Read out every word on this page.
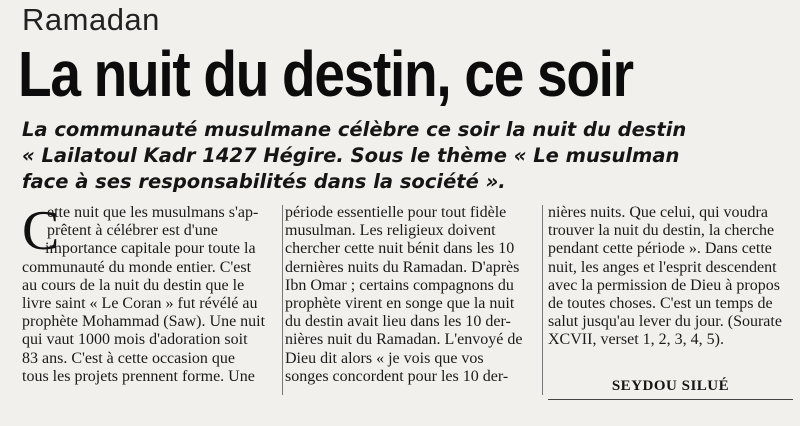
Ramadan
La nuit du destin, ce soir
La communauté musulmane célèbre ce soir la nuit du destin
« Lailatoul Kadr 1427 Hégire. Sous le thème « Le musulman
face à ses responsabilités dans la société ».
C
ette nuit que les musulmans s'ap-
prêtent à célébrer est d'une
importance capitale pour toute la
communauté du monde entier. C'est
au cours de la nuit du destin que le
livre saint « Le Coran » fut révélé au
prophète Mohammad (Saw). Une nuit
qui vaut 1000 mois d'adoration soit
83 ans. C'est à cette occasion que
tous les projets prennent forme. Une
période essentielle pour tout fidèle
musulman. Les religieux doivent
chercher cette nuit bénit dans les 10
dernières nuits du Ramadan. D'après
Ibn Omar ; certains compagnons du
prophète virent en songe que la nuit
du destin avait lieu dans les 10 der-
nières nuit du Ramadan. L'envoyé de
Dieu dit alors « je vois que vos
songes concordent pour les 10 der-
nières nuits. Que celui, qui voudra
trouver la nuit du destin, la cherche
pendant cette période ». Dans cette
nuit, les anges et l'esprit descendent
avec la permission de Dieu à propos
de toutes choses. C'est un temps de
salut jusqu'au lever du jour. (Sourate
XCVII, verset 1, 2, 3, 4, 5).
SEYDOU SILUÉ
